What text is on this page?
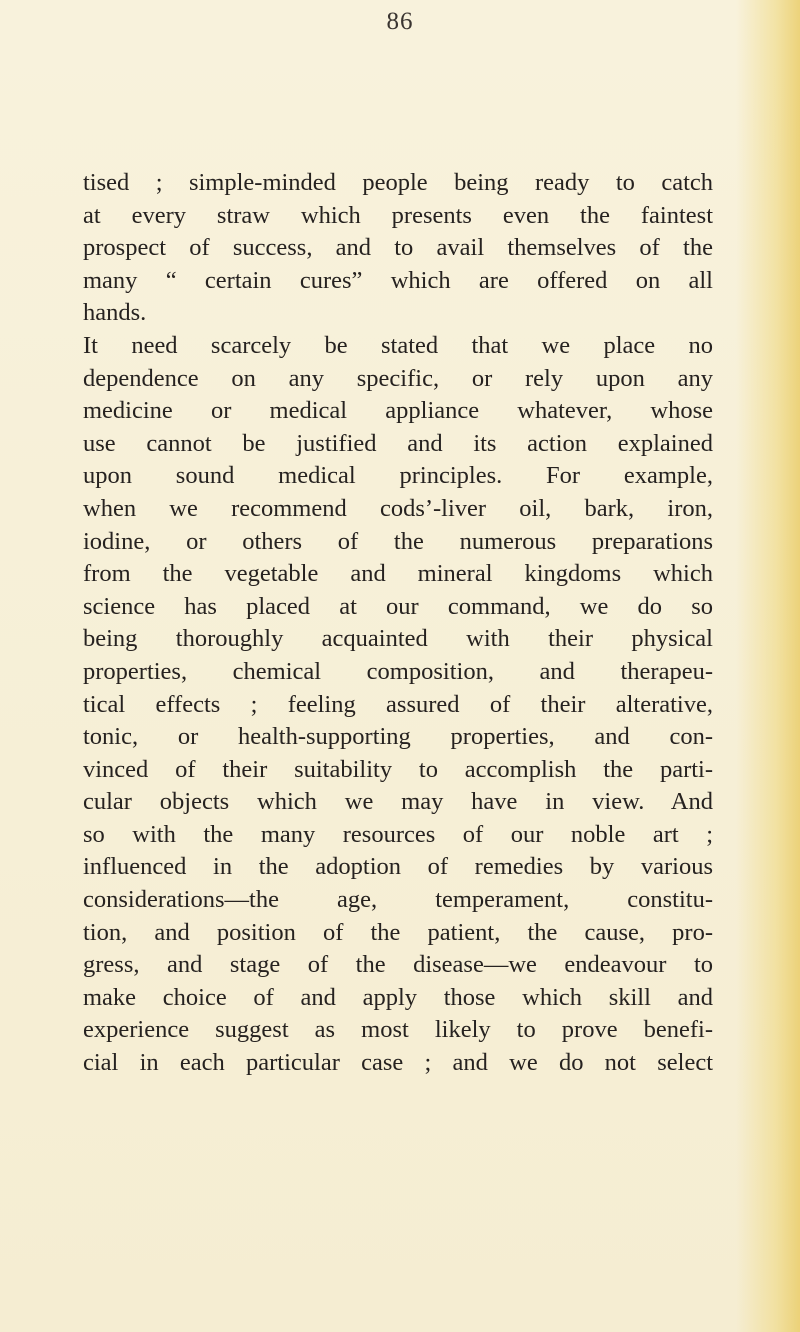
86
tised ; simple-minded people being ready to catch
at every straw which presents even the faintest
prospect of success, and to avail themselves of the
many “ certain cures” which are offered on all
hands.
It need scarcely be stated that we place no
dependence on any specific, or rely upon any
medicine or medical appliance whatever, whose
use cannot be justified and its action explained
upon sound medical principles. For example,
when we recommend cods’-liver oil, bark, iron,
iodine, or others of the numerous preparations
from the vegetable and mineral kingdoms which
science has placed at our command, we do so
being thoroughly acquainted with their physical
properties, chemical composition, and therapeu-
tical effects ; feeling assured of their alterative,
tonic, or health-supporting properties, and con-
vinced of their suitability to accomplish the parti-
cular objects which we may have in view. And
so with the many resources of our noble art ;
influenced in the adoption of remedies by various
considerations—the age, temperament, constitu-
tion, and position of the patient, the cause, pro-
gress, and stage of the disease—we endeavour to
make choice of and apply those which skill and
experience suggest as most likely to prove benefi-
cial in each particular case ; and we do not select
